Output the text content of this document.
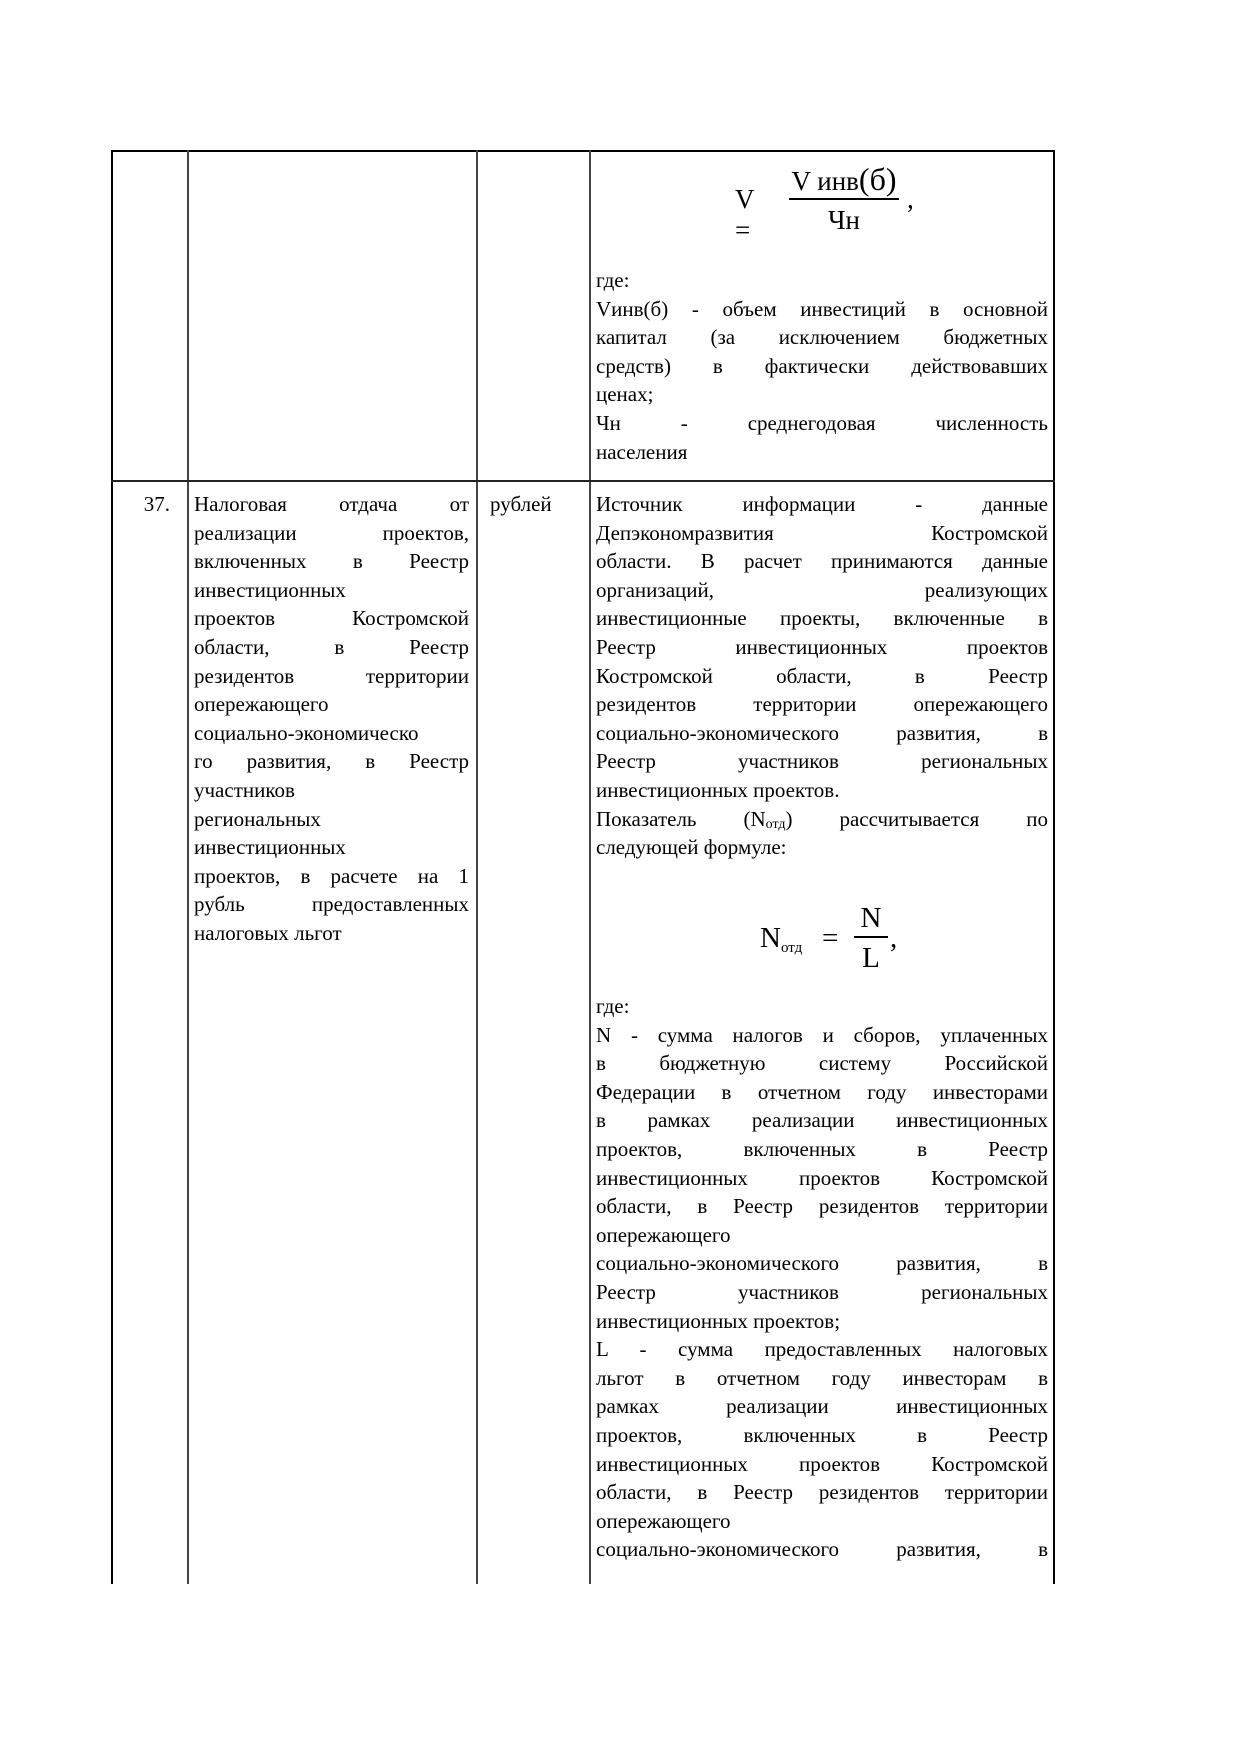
V =
V инв(б)
Чн
,
где:
Vинв(б) - объем инвестиций в основной
капитал (за исключением бюджетных
средств) в фактически действовавших
ценах;
Чн - среднегодовая численность
населения
37. Налоговая отдача от
реализации проектов,
включенных в Реестр
инвестиционных
проектов Костромской
области, в Реестр
резидентов территории
опережающего
социально-экономическо
го развития, в Реестр
участников
региональных
инвестиционных
проектов, в расчете на 1
рубль предоставленных
налоговых льгот
рублей	Источник информации - данные
Депэкономразвития Костромской
области. В расчет принимаются данные
организаций, реализующих
инвестиционные проекты, включенные в
Реестр инвестиционных проектов
Костромской области, в Реестр
резидентов территории опережающего
социально-экономического развития, в
Реестр участников региональных
инвестиционных проектов.
Показатель (Nотд) рассчитывается по
следующей формуле:
$N_{отд}$ =
N
L
,
где:
N - сумма налогов и сборов, уплаченных
в бюджетную систему Российской
Федерации в отчетном году инвесторами
в рамках реализации инвестиционных
проектов, включенных в Реестр
инвестиционных проектов Костромской
области, в Реестр резидентов территории
опережающего
социально-экономического развития, в
Реестр участников региональных
инвестиционных проектов;
L - сумма предоставленных налоговых
льгот в отчетном году инвесторам в
рамках реализации инвестиционных
проектов, включенных в Реестр
инвестиционных проектов Костромской
области, в Реестр резидентов территории
опережающего
социально-экономического развития, в
